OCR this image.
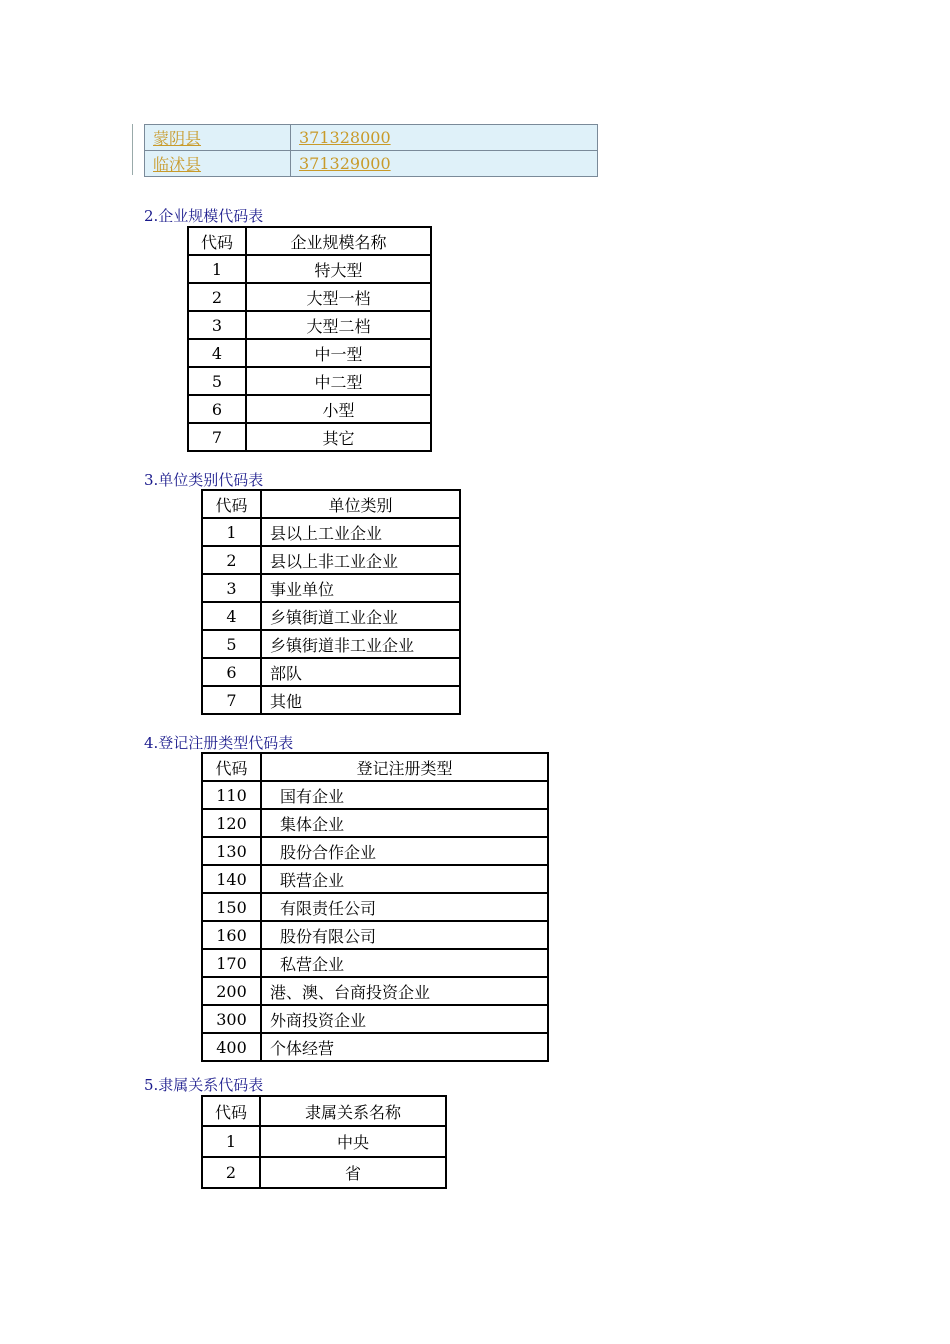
蒙阴县	371328000
临沭县	371329000
2.企业规模代码表
代码	企业规模名称
1	特大型
2	大型一档
3	大型二档
4	中一型
5	中二型
6	小型
7	其它
3.单位类别代码表
代码	单位类别
1	县以上工业企业
2	县以上非工业企业
3	事业单位
4	乡镇街道工业企业
5	乡镇街道非工业企业
6	部队
7	其他
4.登记注册类型代码表
代码	登记注册类型
110	国有企业
120	集体企业
130	股份合作企业
140	联营企业
150	有限责任公司
160	股份有限公司
170	私营企业
200	港、澳、台商投资企业
300	外商投资企业
400	个体经营
5.隶属关系代码表
代码	隶属关系名称
1	中央
2	省
